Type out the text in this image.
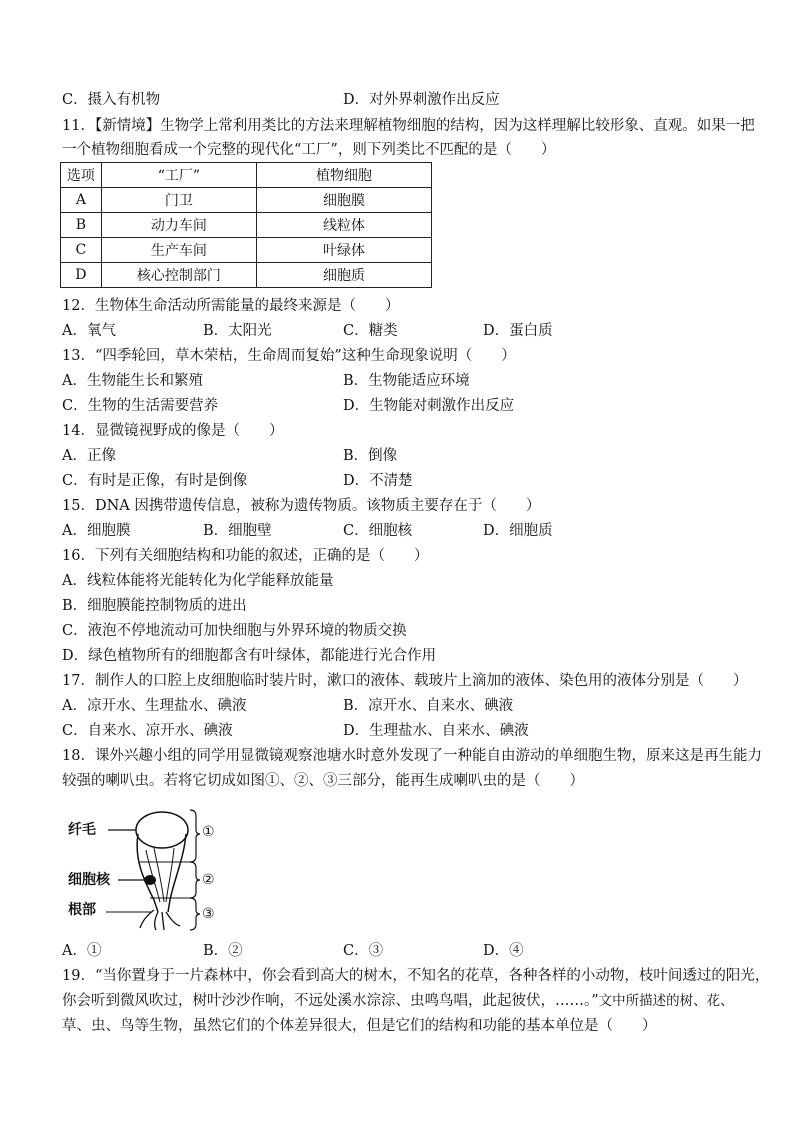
C．摄入有机物	D．对外界刺激作出反应
11．【新情境】生物学上常利用类比的方法来理解植物细胞的结构，因为这样理解比较形象、直观。如果一把
一个植物细胞看成一个完整的现代化“工厂”，则下列类比不匹配的是（　　）
选项	“工厂”	植物细胞
A	门卫	细胞膜
B	动力车间	线粒体
C	生产车间	叶绿体
D	核心控制部门	细胞质
12．生物体生命活动所需能量的最终来源是（　　）
A．氧气	B．太阳光	C．糖类	D．蛋白质
13．“四季轮回，草木荣枯，生命周而复始”这种生命现象说明（　　）
A．生物能生长和繁殖	B．生物能适应环境
C．生物的生活需要营养	D．生物能对刺激作出反应
14．显微镜视野成的像是（　　）
A．正像	B．倒像
C．有时是正像，有时是倒像	D．不清楚
15．DNA 因携带遗传信息，被称为遗传物质。该物质主要存在于（　　）
A．细胞膜	B．细胞壁	C．细胞核	D．细胞质
16．下列有关细胞结构和功能的叙述，正确的是（　　）
A．线粒体能将光能转化为化学能释放能量
B．细胞膜能控制物质的进出
C．液泡不停地流动可加快细胞与外界环境的物质交换
D．绿色植物所有的细胞都含有叶绿体，都能进行光合作用
17．制作人的口腔上皮细胞临时装片时，漱口的液体、载玻片上滴加的液体、染色用的液体分别是（　　）
A．凉开水、生理盐水、碘液	B．凉开水、自来水、碘液
C．自来水、凉开水、碘液	D．生理盐水、自来水、碘液
18．课外兴趣小组的同学用显微镜观察池塘水时意外发现了一种能自由游动的单细胞生物，原来这是再生能力
较强的喇叭虫。若将它切成如图①、②、③三部分，能再生成喇叭虫的是（　　）
纤毛
细胞核
根部
①
②
③
A．①	B．②	C．③	D．④
19．“当你置身于一片森林中，你会看到高大的树木，不知名的花草，各种各样的小动物，枝叶间透过的阳光，
你会听到微风吹过，树叶沙沙作响，不远处溪水淙淙、虫鸣鸟唱，此起彼伏，……。”文中所描述的树、花、
草、虫、鸟等生物，虽然它们的个体差异很大，但是它们的结构和功能的基本单位是（　　）
